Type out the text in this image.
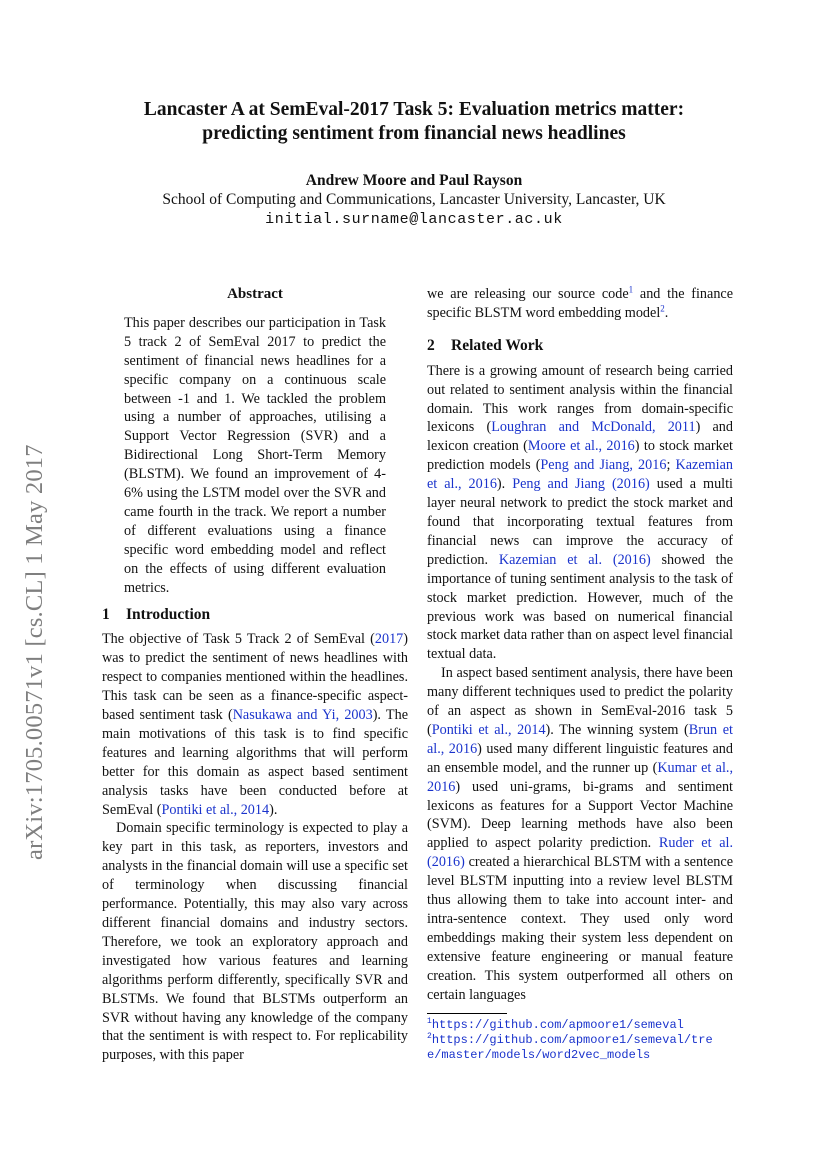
arXiv:1705.00571v1 [cs.CL] 1 May 2017
Lancaster A at SemEval-2017 Task 5: Evaluation metrics matter:
predicting sentiment from financial news headlines
Andrew Moore and Paul Rayson
School of Computing and Communications, Lancaster University, Lancaster, UK
initial.surname@lancaster.ac.uk
Abstract

This paper describes our participation in Task 5 track 2 of SemEval 2017 to predict the sentiment of financial news headlines for a specific company on a continuous scale between -1 and 1. We tackled the problem using a number of approaches, utilising a Support Vector Regression (SVR) and a Bidirectional Long Short-Term Memory (BLSTM). We found an improvement of 4-6% using the LSTM model over the SVR and came fourth in the track. We report a number of different evaluations using a finance specific word embedding model and reflect on the effects of using different evaluation metrics.

1 Introduction

The objective of Task 5 Track 2 of SemEval (2017) was to predict the sentiment of news headlines with respect to companies mentioned within the headlines. This task can be seen as a finance-specific aspect-based sentiment task (Nasukawa and Yi, 2003). The main motivations of this task is to find specific features and learning algorithms that will perform better for this domain as aspect based sentiment analysis tasks have been conducted before at SemEval (Pontiki et al., 2014).

Domain specific terminology is expected to play a key part in this task, as reporters, investors and analysts in the financial domain will use a specific set of terminology when discussing financial performance. Potentially, this may also vary across different financial domains and industry sectors. Therefore, we took an exploratory approach and investigated how various features and learning algorithms perform differently, specifically SVR and BLSTMs. We found that BLSTMs outperform an SVR without having any knowledge of the company that the sentiment is with respect to. For replicability purposes, with this paper

we are releasing our source code$^1$ and the finance specific BLSTM word embedding model$^2$.

2 Related Work

There is a growing amount of research being carried out related to sentiment analysis within the financial domain. This work ranges from domain-specific lexicons (Loughran and McDonald, 2011) and lexicon creation (Moore et al., 2016) to stock market prediction models (Peng and Jiang, 2016; Kazemian et al., 2016). Peng and Jiang (2016) used a multi layer neural network to predict the stock market and found that incorporating textual features from financial news can improve the accuracy of prediction. Kazemian et al. (2016) showed the importance of tuning sentiment analysis to the task of stock market prediction. However, much of the previous work was based on numerical financial stock market data rather than on aspect level financial textual data.

In aspect based sentiment analysis, there have been many different techniques used to predict the polarity of an aspect as shown in SemEval-2016 task 5 (Pontiki et al., 2014). The winning system (Brun et al., 2016) used many different linguistic features and an ensemble model, and the runner up (Kumar et al., 2016) used uni-grams, bi-grams and sentiment lexicons as features for a Support Vector Machine (SVM). Deep learning methods have also been applied to aspect polarity prediction. Ruder et al. (2016) created a hierarchical BLSTM with a sentence level BLSTM inputting into a review level BLSTM thus allowing them to take into account inter- and intra-sentence context. They used only word embeddings making their system less dependent on extensive feature engineering or manual feature creation. This system outperformed all others on certain languages

$^1$https://github.com/apmoore1/semeval
$^2$https://github.com/apmoore1/semeval/tree/master/models/word2vec_models
